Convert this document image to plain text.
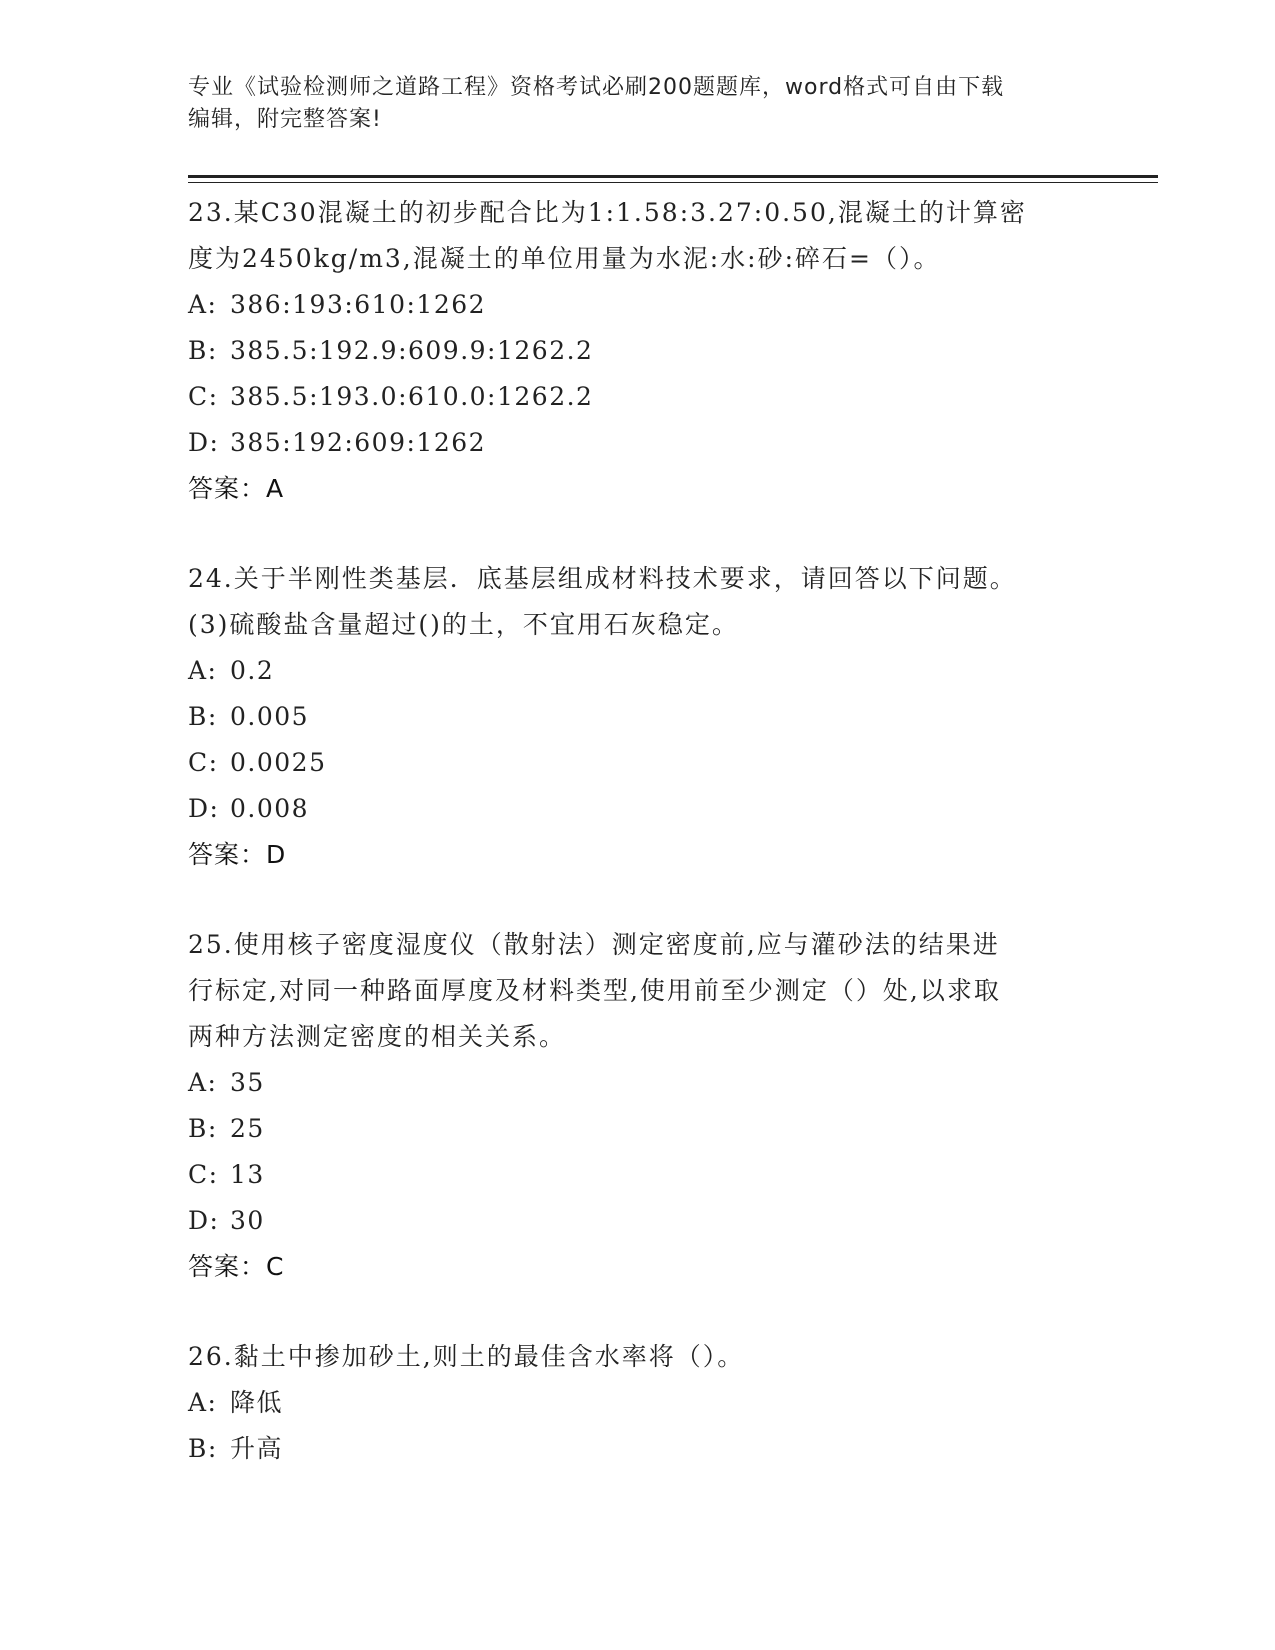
专业《试验检测师之道路工程》资格考试必刷200题题库，word格式可自由下载
编辑，附完整答案!
23.某C30混凝土的初步配合比为1:1.58:3.27:0.50,混凝土的计算密
度为2450kg/m3,混凝土的单位用量为水泥:水:砂:碎石=（）。
A: 386:193:610:1262
B: 385.5:192.9:609.9:1262.2
C: 385.5:193.0:610.0:1262.2
D: 385:192:609:1262
答案：A
24.关于半刚性类基层．底基层组成材料技术要求，请回答以下问题。
(3)硫酸盐含量超过()的土，不宜用石灰稳定。
A: 0.2
B: 0.005
C: 0.0025
D: 0.008
答案：D
25.使用核子密度湿度仪（散射法）测定密度前,应与灌砂法的结果进
行标定,对同一种路面厚度及材料类型,使用前至少测定（）处,以求取
两种方法测定密度的相关关系。
A: 35
B: 25
C: 13
D: 30
答案：C
26.黏土中掺加砂土,则土的最佳含水率将（）。
A: 降低
B: 升高
